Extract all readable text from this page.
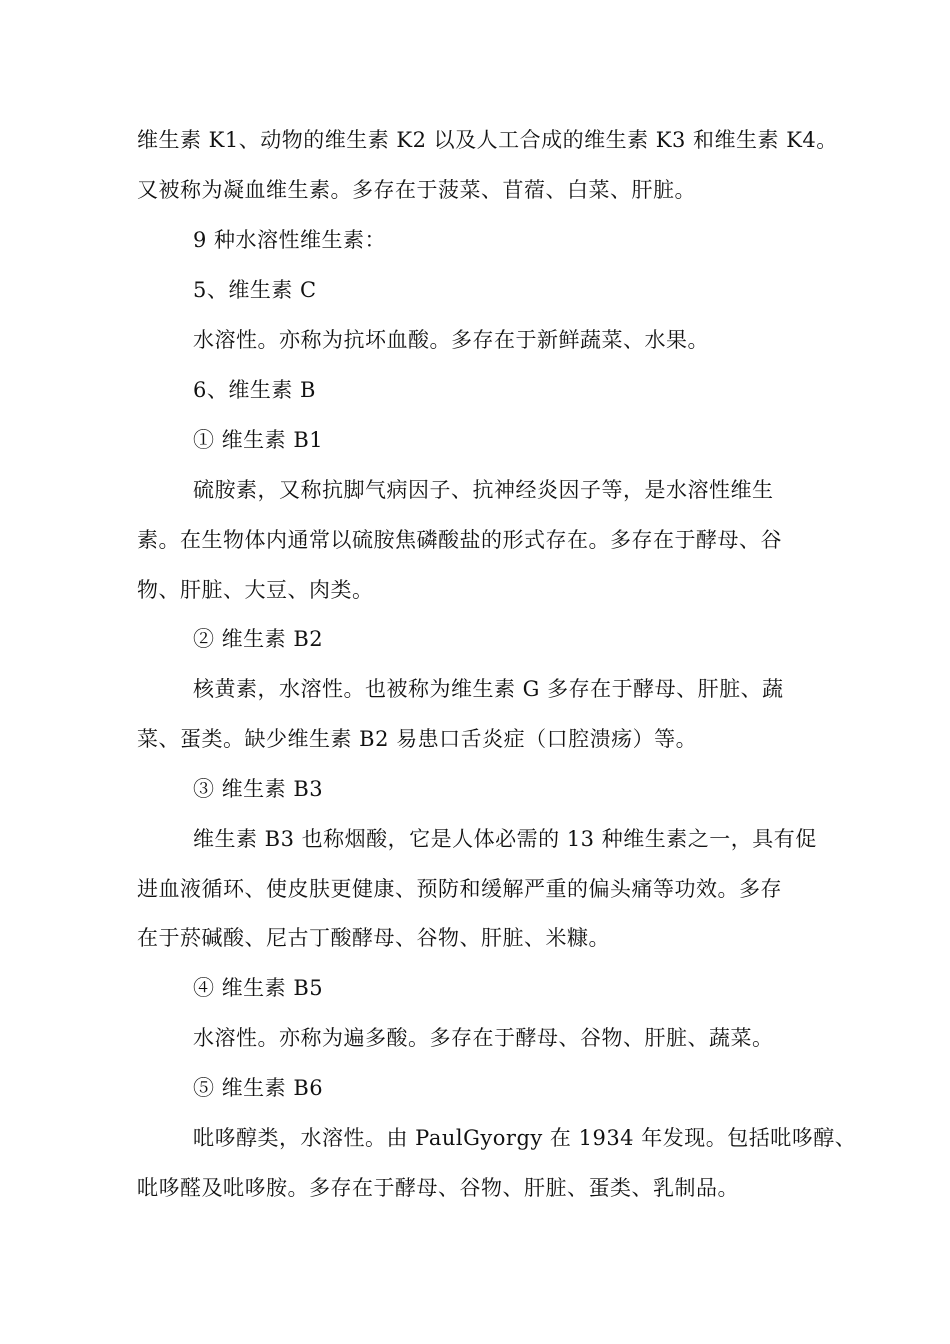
维生素 K1、动物的维生素 K2 以及人工合成的维生素 K3 和维生素 K4。
又被称为凝血维生素。多存在于菠菜、苜蓿、白菜、肝脏。
9 种水溶性维生素：
5、维生素 C
水溶性。亦称为抗坏血酸。多存在于新鲜蔬菜、水果。
6、维生素 B
① 维生素 B1
硫胺素，又称抗脚气病因子、抗神经炎因子等，是水溶性维生
素。在生物体内通常以硫胺焦磷酸盐的形式存在。多存在于酵母、谷
物、肝脏、大豆、肉类。
② 维生素 B2
核黄素，水溶性。也被称为维生素 G 多存在于酵母、肝脏、蔬
菜、蛋类。缺少维生素 B2 易患口舌炎症（口腔溃疡）等。
③ 维生素 B3
维生素 B3 也称烟酸，它是人体必需的 13 种维生素之一，具有促
进血液循环、使皮肤更健康、预防和缓解严重的偏头痛等功效。多存
在于菸碱酸、尼古丁酸酵母、谷物、肝脏、米糠。
④ 维生素 B5
水溶性。亦称为遍多酸。多存在于酵母、谷物、肝脏、蔬菜。
⑤ 维生素 B6
吡哆醇类，水溶性。由 PaulGyorgy 在 1934 年发现。包括吡哆醇、
吡哆醛及吡哆胺。多存在于酵母、谷物、肝脏、蛋类、乳制品。
